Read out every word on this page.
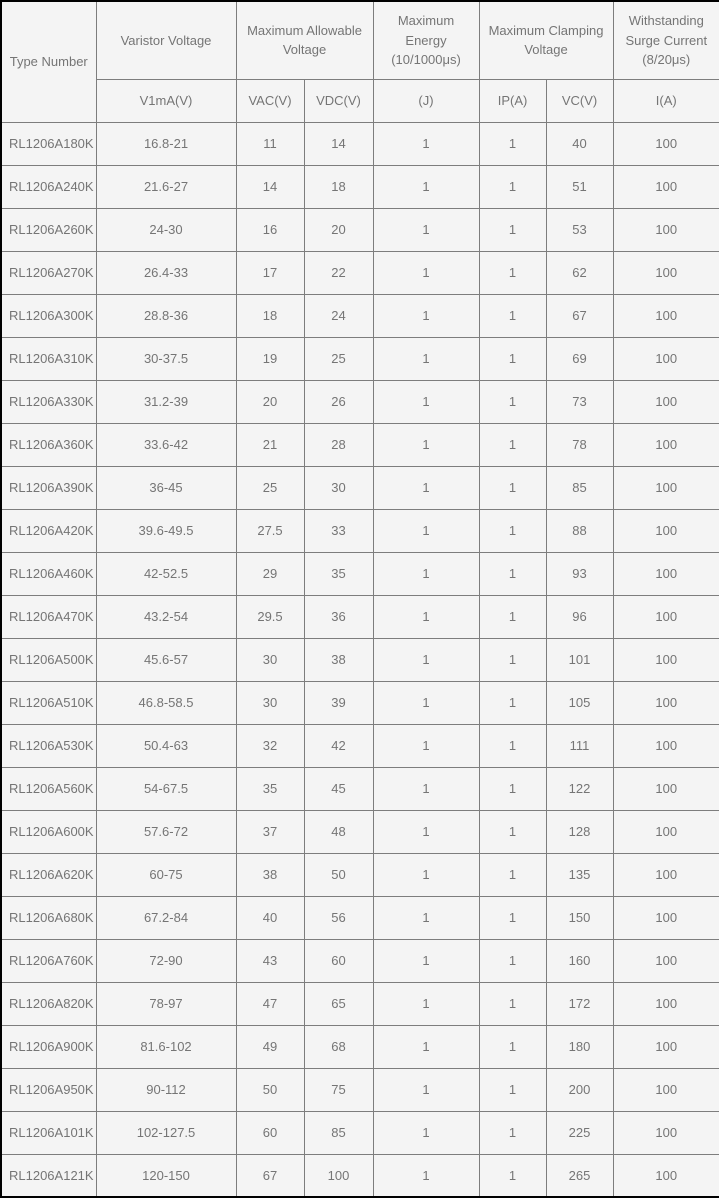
Type Number	Varistor Voltage	Maximum Allowable Voltage		Maximum Energy (10/1000μs)	Maximum Clamping Voltage		Withstanding Surge Current (8/20μs)
	V1mA(V)	VAC(V)	VDC(V)	(J)	IP(A)	VC(V)	I(A)
RL1206A180K	16.8-21	11	14	1	1	40	100
RL1206A240K	21.6-27	14	18	1	1	51	100
RL1206A260K	24-30	16	20	1	1	53	100
RL1206A270K	26.4-33	17	22	1	1	62	100
RL1206A300K	28.8-36	18	24	1	1	67	100
RL1206A310K	30-37.5	19	25	1	1	69	100
RL1206A330K	31.2-39	20	26	1	1	73	100
RL1206A360K	33.6-42	21	28	1	1	78	100
RL1206A390K	36-45	25	30	1	1	85	100
RL1206A420K	39.6-49.5	27.5	33	1	1	88	100
RL1206A460K	42-52.5	29	35	1	1	93	100
RL1206A470K	43.2-54	29.5	36	1	1	96	100
RL1206A500K	45.6-57	30	38	1	1	101	100
RL1206A510K	46.8-58.5	30	39	1	1	105	100
RL1206A530K	50.4-63	32	42	1	1	111	100
RL1206A560K	54-67.5	35	45	1	1	122	100
RL1206A600K	57.6-72	37	48	1	1	128	100
RL1206A620K	60-75	38	50	1	1	135	100
RL1206A680K	67.2-84	40	56	1	1	150	100
RL1206A760K	72-90	43	60	1	1	160	100
RL1206A820K	78-97	47	65	1	1	172	100
RL1206A900K	81.6-102	49	68	1	1	180	100
RL1206A950K	90-112	50	75	1	1	200	100
RL1206A101K	102-127.5	60	85	1	1	225	100
RL1206A121K	120-150	67	100	1	1	265	100
